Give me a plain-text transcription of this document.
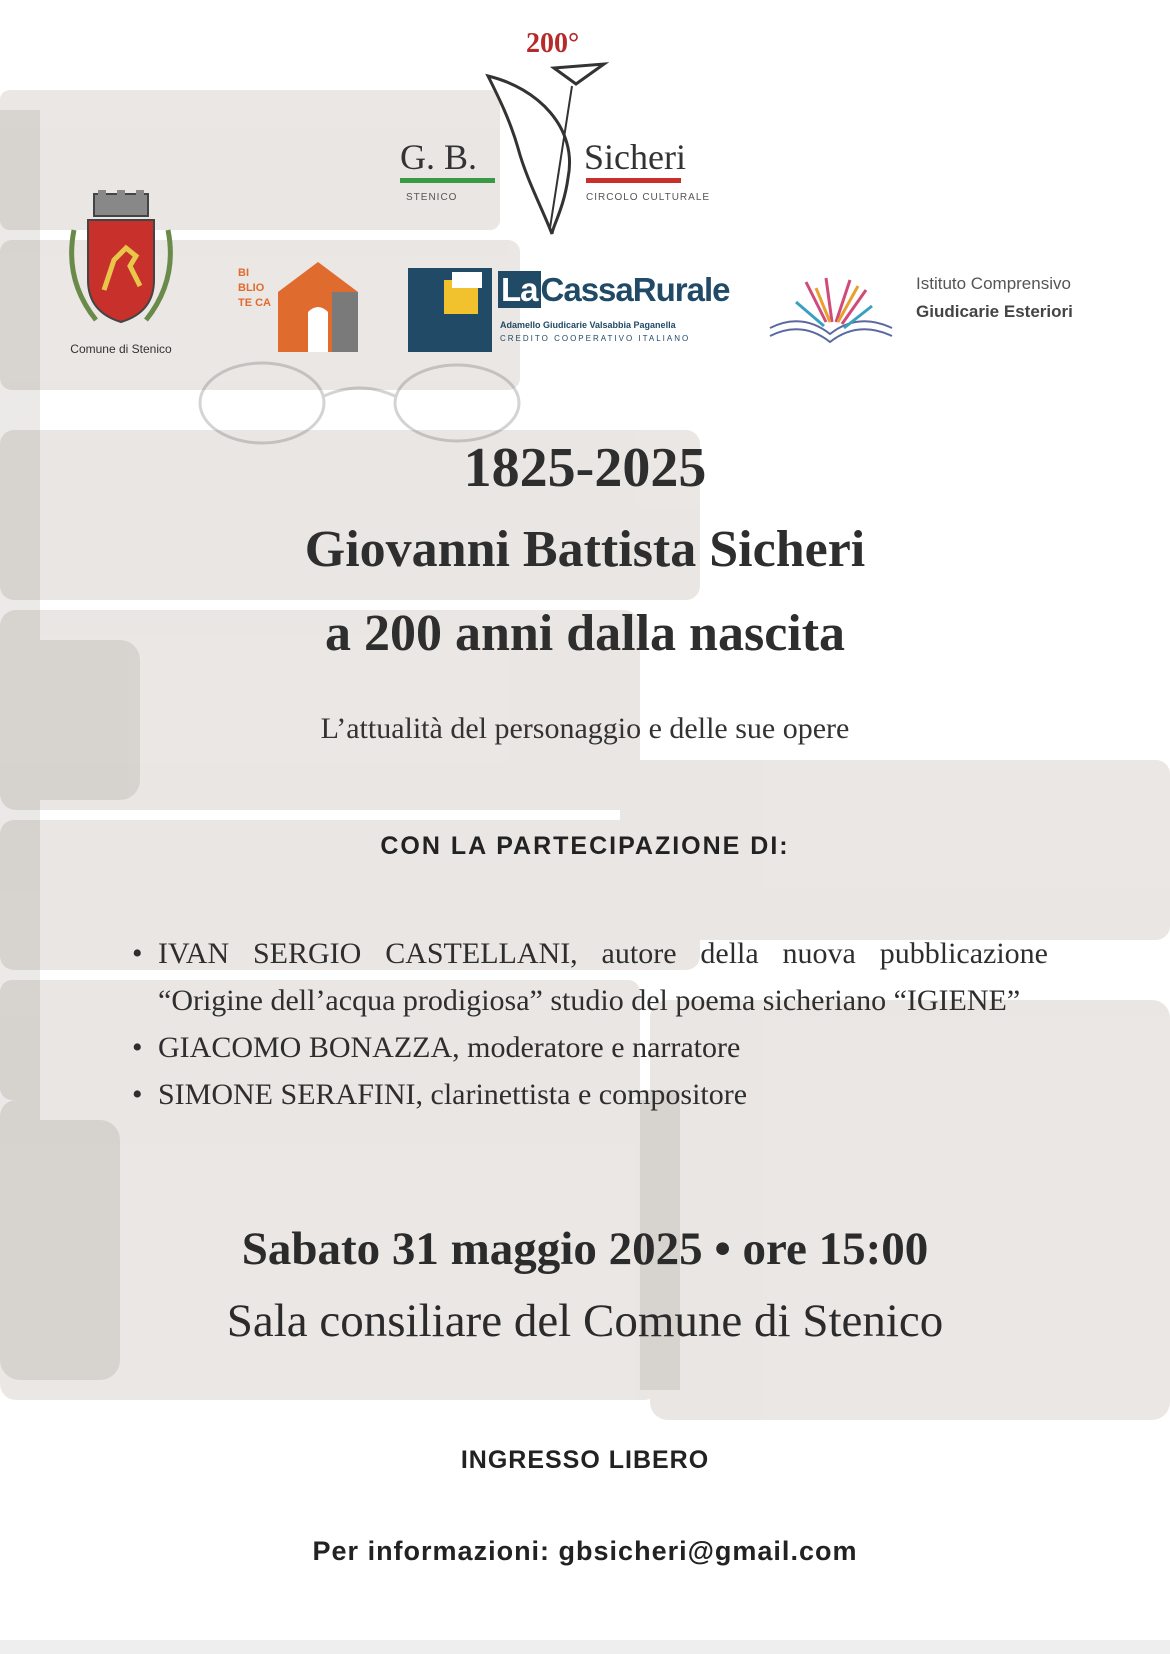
200°
G. B.	Sicheri
STENICO	CIRCOLO CULTURALE
Comune di Stenico
BI BLIO TE CA	LaCassaRurale
Adamello Giudicarie Valsabbia Paganella
CREDITO COOPERATIVO ITALIANO
Istituto Comprensivo
Giudicarie Esteriori
1825-2025
Giovanni Battista Sicheri
a 200 anni dalla nascita
L’attualità del personaggio e delle sue opere
CON LA PARTECIPAZIONE DI:
• IVAN SERGIO CASTELLANI, autore della nuova pubblicazione “Origine dell’acqua prodigiosa” studio del poema sicheriano “IGIENE”
• GIACOMO BONAZZA, moderatore e narratore
• SIMONE SERAFINI, clarinettista e compositore
Sabato 31 maggio 2025 • ore 15:00
Sala consiliare del Comune di Stenico
INGRESSO LIBERO
Per informazioni: gbsicheri@gmail.com
